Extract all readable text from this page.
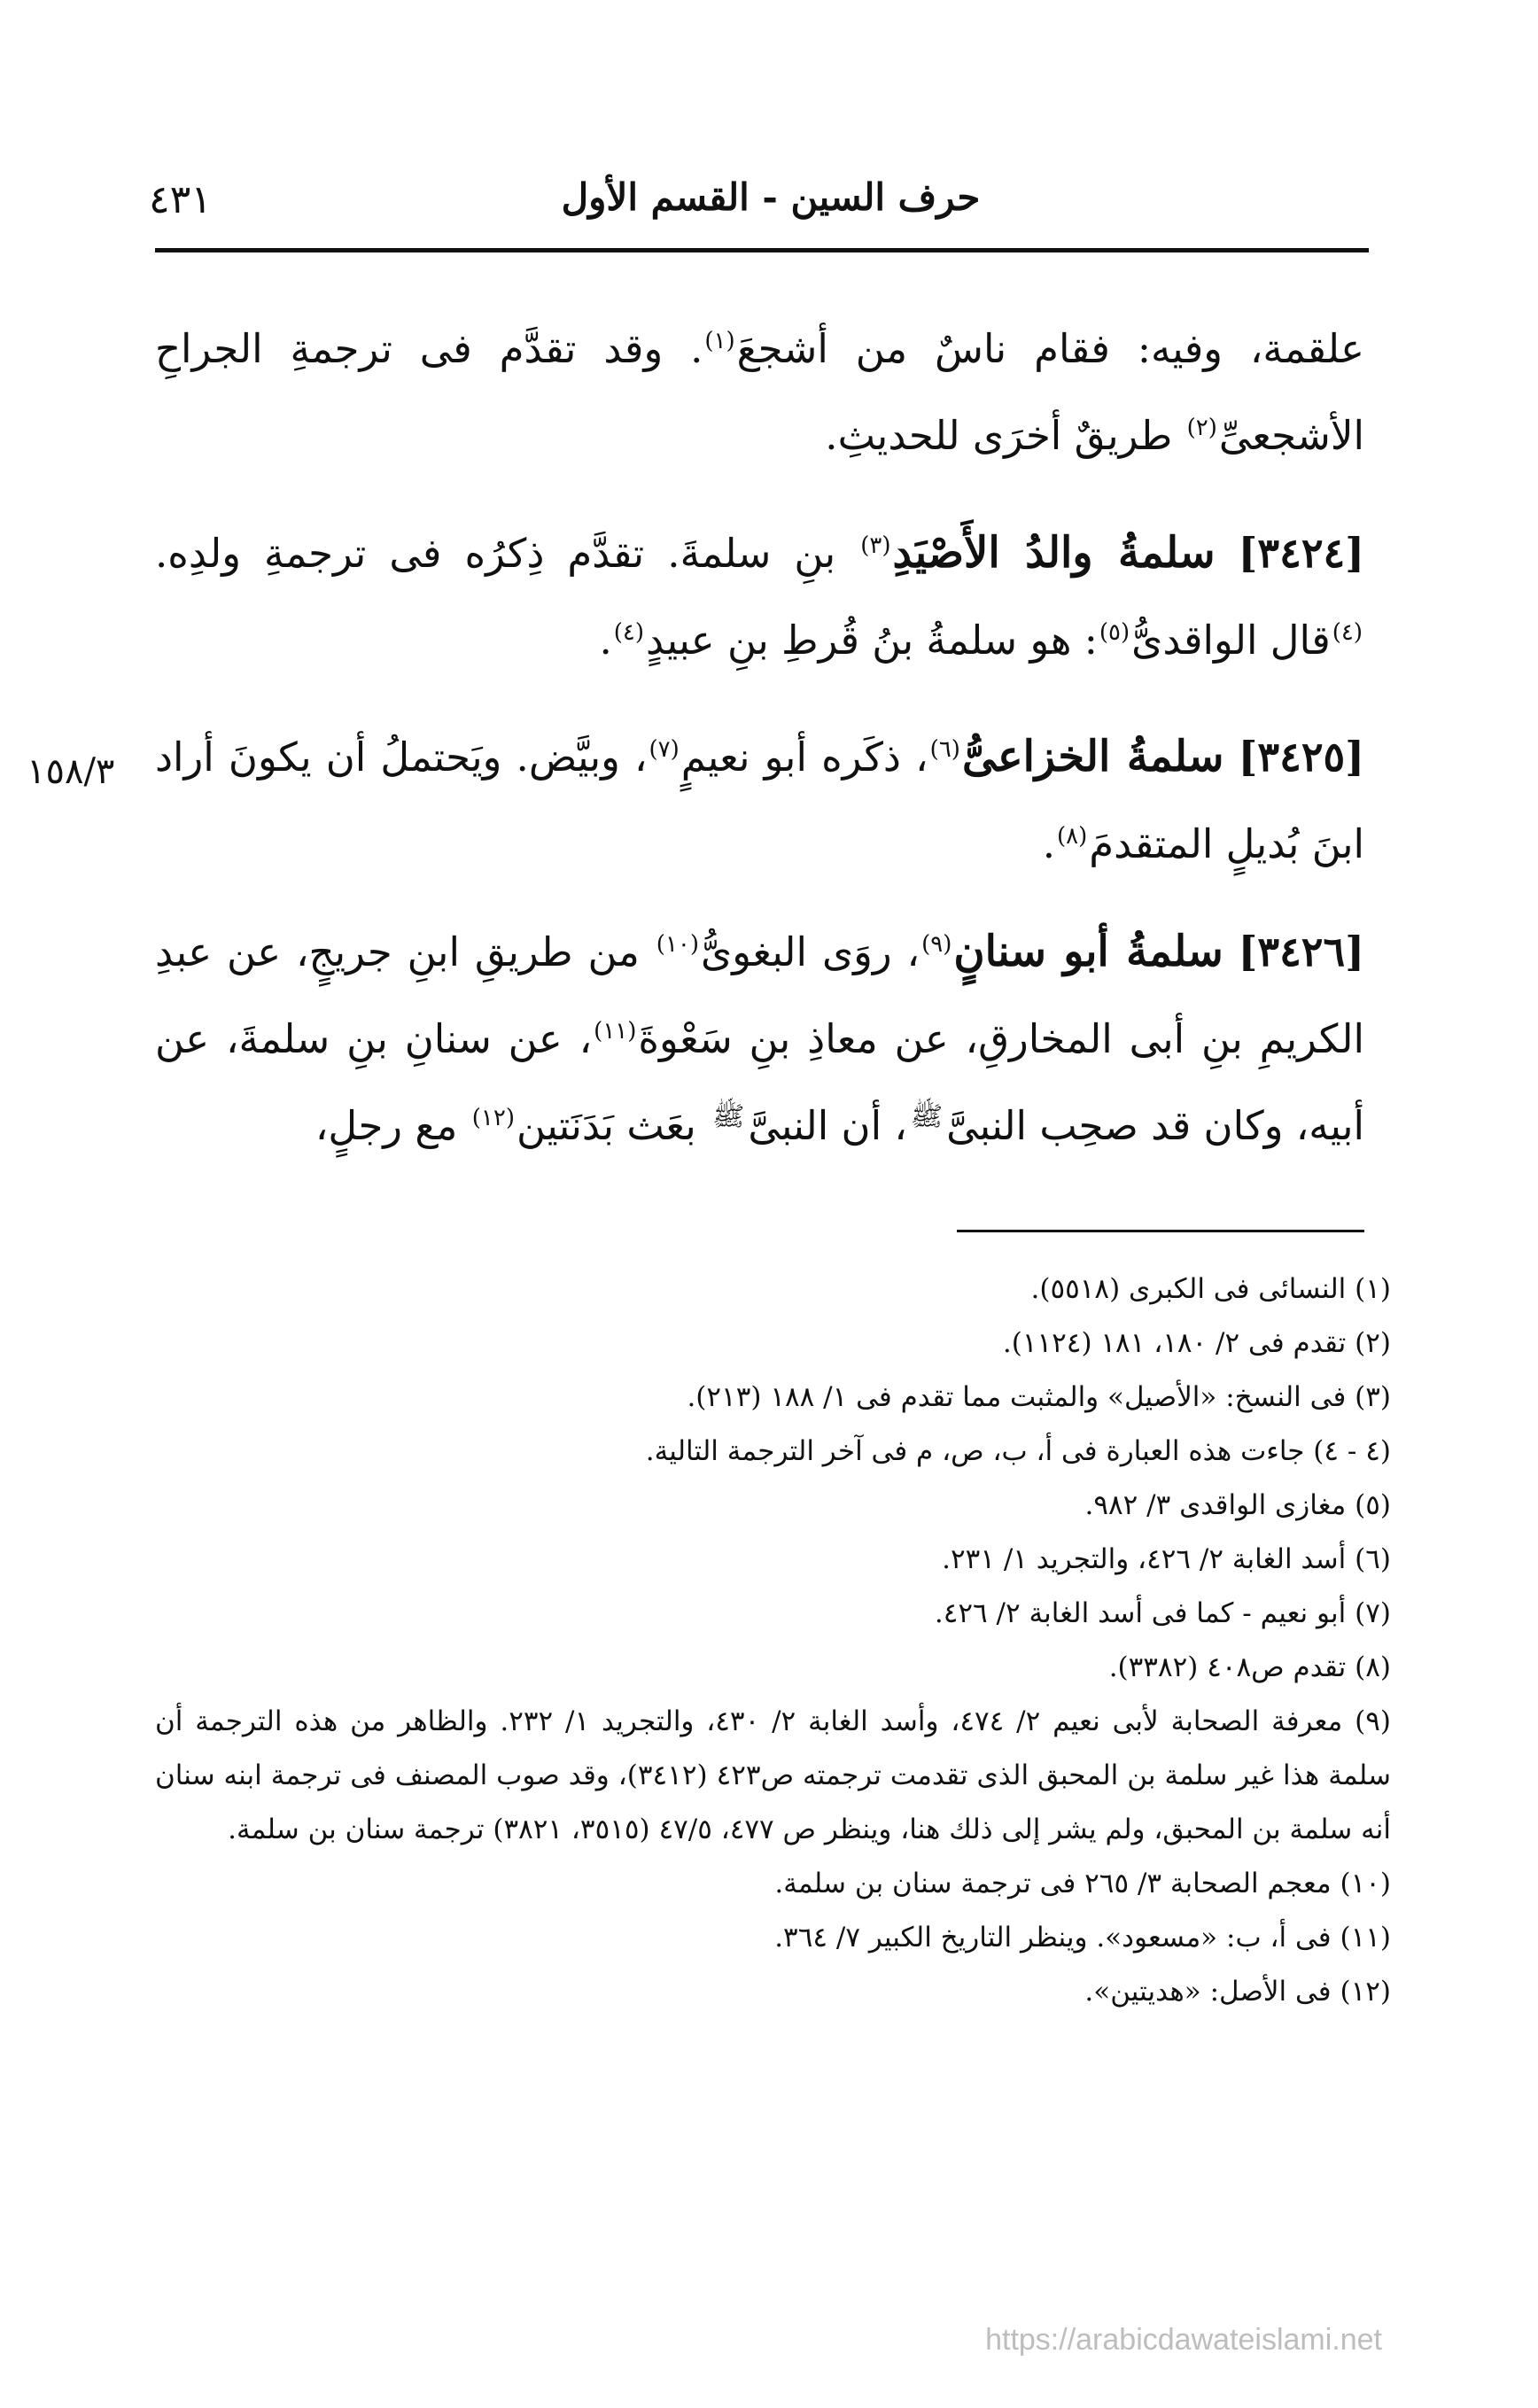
حرف السين - القسم الأول
٤٣١
١٥٨/٣

علقمة، وفيه: فقام ناسٌ من أشجعَ$^{(١)}$. وقد تقدَّم فى ترجمةِ الجراحِ الأشجعىِّ$^{(٢)}$ طريقٌ أخرَى للحديثِ.

[٣٤٢٤] سلمةُ والدُ الأَصْيَدِ$^{(٣)}$ بنِ سلمةَ. تقدَّم ذِكرُه فى ترجمةِ ولدِه. $^{(٤)}$قال الواقدىُّ$^{(٥)}$: هو سلمةُ بنُ قُرطِ بنِ عبيدٍ$^{(٤)}$.

[٣٤٢٥] سلمةُ الخزاعىُّ$^{(٦)}$، ذكَره أبو نعيمٍ$^{(٧)}$، وبيَّض. ويَحتملُ أن يكونَ أراد ابنَ بُديلٍ المتقدمَ$^{(٨)}$.

[٣٤٢٦] سلمةُ أبو سنانٍ$^{(٩)}$، روَى البغوىُّ$^{(١٠)}$ من طريقِ ابنِ جريجٍ، عن عبدِ الكريمِ بنِ أبى المخارقِ، عن معاذِ بنِ سَعْوةَ$^{(١١)}$، عن سنانِ بنِ سلمةَ، عن أبيه، وكان قد صحِب النبىَّ$^ﷺ$، أن النبىَّ$^ﷺ$ بعَث بَدَنَتين$^{(١٢)}$ مع رجلٍ،

(١) النسائى فى الكبرى (٥٥١٨).

(٢) تقدم فى ٢/ ١٨٠، ١٨١ (١١٢٤).

(٣) فى النسخ: «الأصيل» والمثبت مما تقدم فى ١/ ١٨٨ (٢١٣).

(٤ - ٤) جاءت هذه العبارة فى أ، ب، ص، م فى آخر الترجمة التالية.

(٥) مغازى الواقدى ٣/ ٩٨٢.

(٦) أسد الغابة ٢/ ٤٢٦، والتجريد ١/ ٢٣١.

(٧) أبو نعيم - كما فى أسد الغابة ٢/ ٤٢٦.

(٨) تقدم ص٤٠٨ (٣٣٨٢).

(٩) معرفة الصحابة لأبى نعيم ٢/ ٤٧٤، وأسد الغابة ٢/ ٤٣٠، والتجريد ١/ ٢٣٢. والظاهر من هذه الترجمة أن سلمة هذا غير سلمة بن المحبق الذى تقدمت ترجمته ص٤٢٣ (٣٤١٢)، وقد صوب المصنف فى ترجمة ابنه سنان أنه سلمة بن المحبق، ولم يشر إلى ذلك هنا، وينظر ص ٤٧٧، ٤٧/٥ (٣٥١٥، ٣٨٢١) ترجمة سنان بن سلمة.

(١٠) معجم الصحابة ٣/ ٢٦٥ فى ترجمة سنان بن سلمة.

(١١) فى أ، ب: «مسعود». وينظر التاريخ الكبير ٧/ ٣٦٤.

(١٢) فى الأصل: «هديتين».

https://arabicdawateislami.net
